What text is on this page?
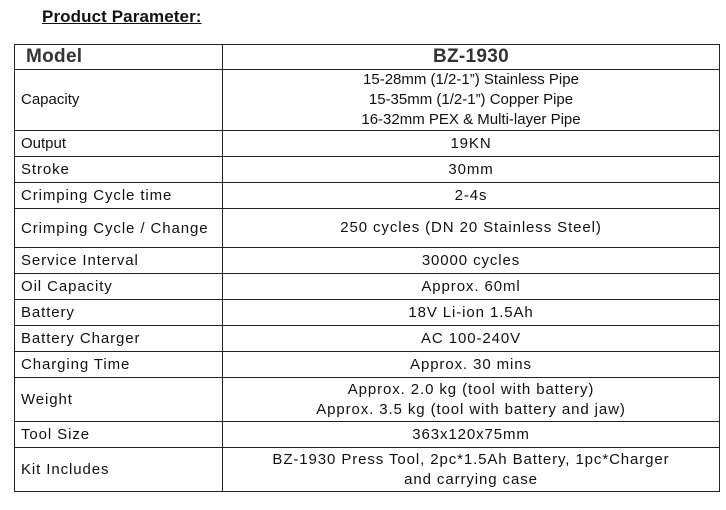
Product Parameter:
Model	BZ-1930
Capacity	15-28mm (1/2-1”) Stainless Pipe
15-35mm (1/2-1”) Copper Pipe
16-32mm PEX & Multi-layer Pipe

Output	19KN
Stroke	30mm
Crimping Cycle time	2-4s

Crimping Cycle / Change	250 cycles (DN 20 Stainless Steel)
Service Interval	30000 cycles
Oil Capacity	Approx. 60ml
Battery	18V Li-ion 1.5Ah
Battery Charger	AC 100-240V
Charging Time	Approx. 30 mins
Weight	Approx. 2.0 kg (tool with battery)
Approx. 3.5 kg (tool with battery and jaw)

Tool Size	363x120x75mm
Kit Includes	BZ-1930 Press Tool, 2pc*1.5Ah Battery, 1pc*Charger
and carrying case
